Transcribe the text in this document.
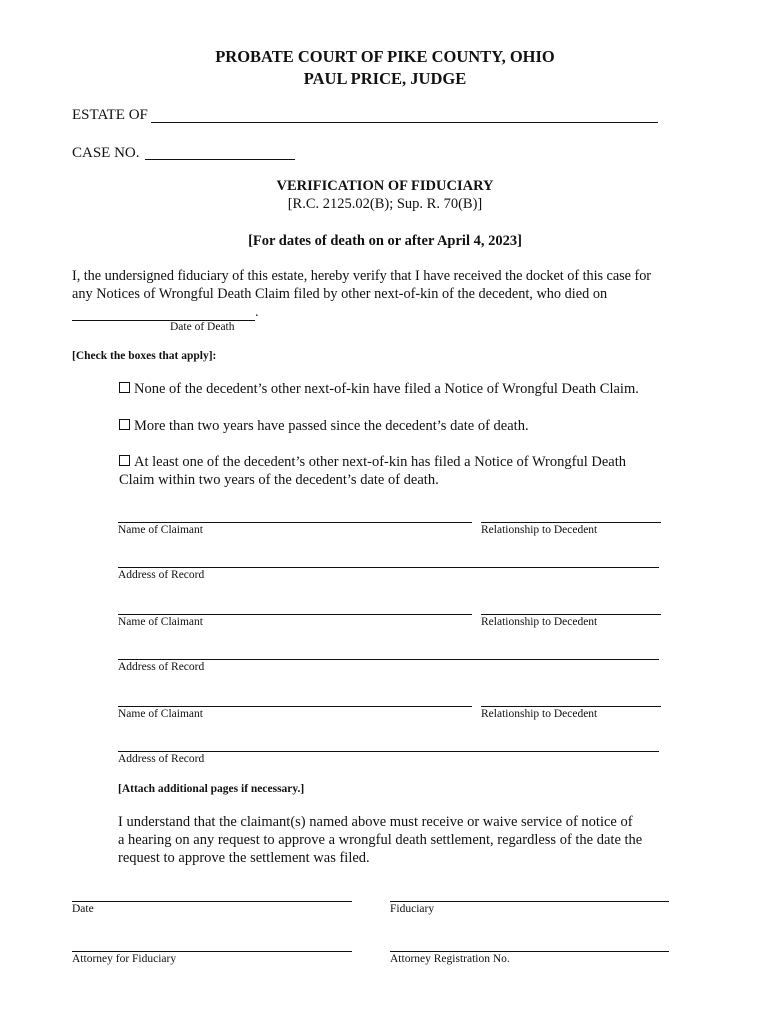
PROBATE COURT OF PIKE COUNTY, OHIO
PAUL PRICE, JUDGE
ESTATE OF
CASE NO.
VERIFICATION OF FIDUCIARY
[R.C. 2125.02(B); Sup. R. 70(B)]
[For dates of death on or after April 4, 2023]
I, the undersigned fiduciary of this estate, hereby verify that I have received the docket of this case for
any Notices of Wrongful Death Claim filed by other next-of-kin of the decedent, who died on
.
Date of Death
[Check the boxes that apply]:
None of the decedent’s other next-of-kin have filed a Notice of Wrongful Death Claim.
More than two years have passed since the decedent’s date of death.
At least one of the decedent’s other next-of-kin has filed a Notice of Wrongful Death
Claim within two years of the decedent’s date of death.
Name of Claimant	Relationship to Decedent
Address of Record
Name of Claimant	Relationship to Decedent
Address of Record
Name of Claimant	Relationship to Decedent
Address of Record
[Attach additional pages if necessary.]
I understand that the claimant(s) named above must receive or waive service of notice of
a hearing on any request to approve a wrongful death settlement, regardless of the date the
request to approve the settlement was filed.
Date	Fiduciary
Attorney for Fiduciary	Attorney Registration No.
